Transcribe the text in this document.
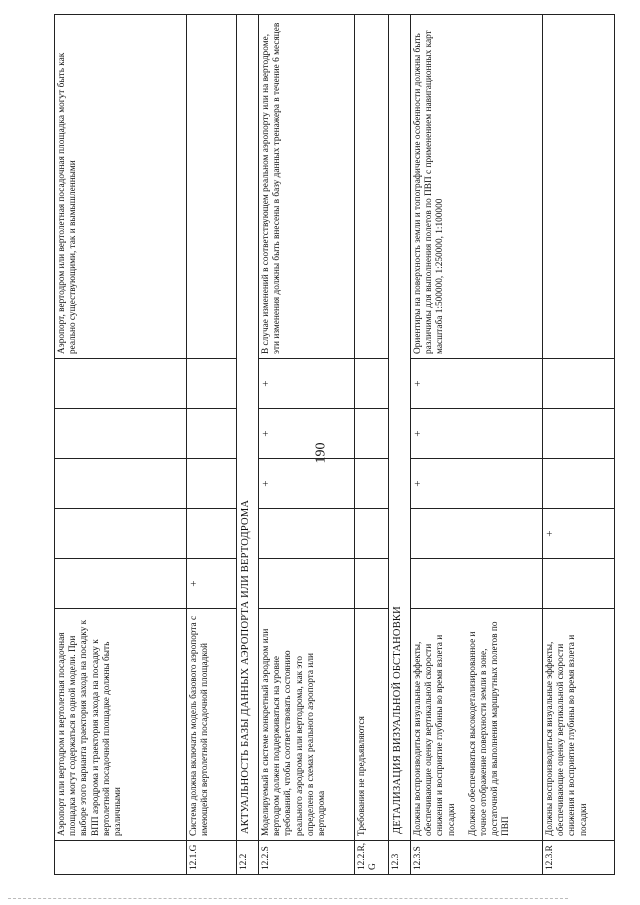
190

	Аэропорт или вертодром и вертолетная посадочная площадка могут содержаться в одной модели. При выборе этого варианта траектория захода на посадку к ВПП аэродрома и траектория захода на посадку к вертолетной посадочной площадке должны быть различными						Аэропорт, вертодром или вертолетная посадочная площадка могут быть как реально существующими, так и вымышленными
12.1.G	Система должна включать модель базового аэропорта с имеющейся вертолетной посадочной площадкой	+					
12.2	АКТУАЛЬНОСТЬ БАЗЫ ДАННЫХ АЭРОПОРТА ИЛИ ВЕРТОДРОМА						
12.2.S	Моделируемый в системе конкретный аэродром или вертодром должен поддерживаться на уровне требований, чтобы соответствовать состоянию реального аэродрома или вертодрома, как это определено в схемах реального аэропорта или вертодрома			+	+	+	В случае изменений в соответствующем реальном аэропорту или на вертодроме, эти изменения должны быть внесены в базу данных тренажера в течение 6 месяцев
12.2.R, G	Требования не предъявляются						

12.3	ДЕТАЛИЗАЦИЯ ВИЗУАЛЬНОЙ ОБСТАНОВКИ						
12.3.S	Должны воспроизводиться визуальные эффекты, обеспечивающие оценку вертикальной скорости снижения и восприятие глубины во время взлета и посадки Должно обеспечиваться высокодетализированное и точное отображение поверхности земли в зоне, достаточной для выполнения маршрутных полетов по ПВП			+	+	+	Ориентиры на поверхность земли и топографические особенности должны быть различимы для выполнения полетов по ПВП с применением навигационных карт масштаба 1:500000, 1:250000, 1:100000
12.3.R	Должны воспроизводиться визуальные эффекты, обеспечивающие оценку вертикальной скорости снижения и восприятие глубины во время взлета и посадки		+				
